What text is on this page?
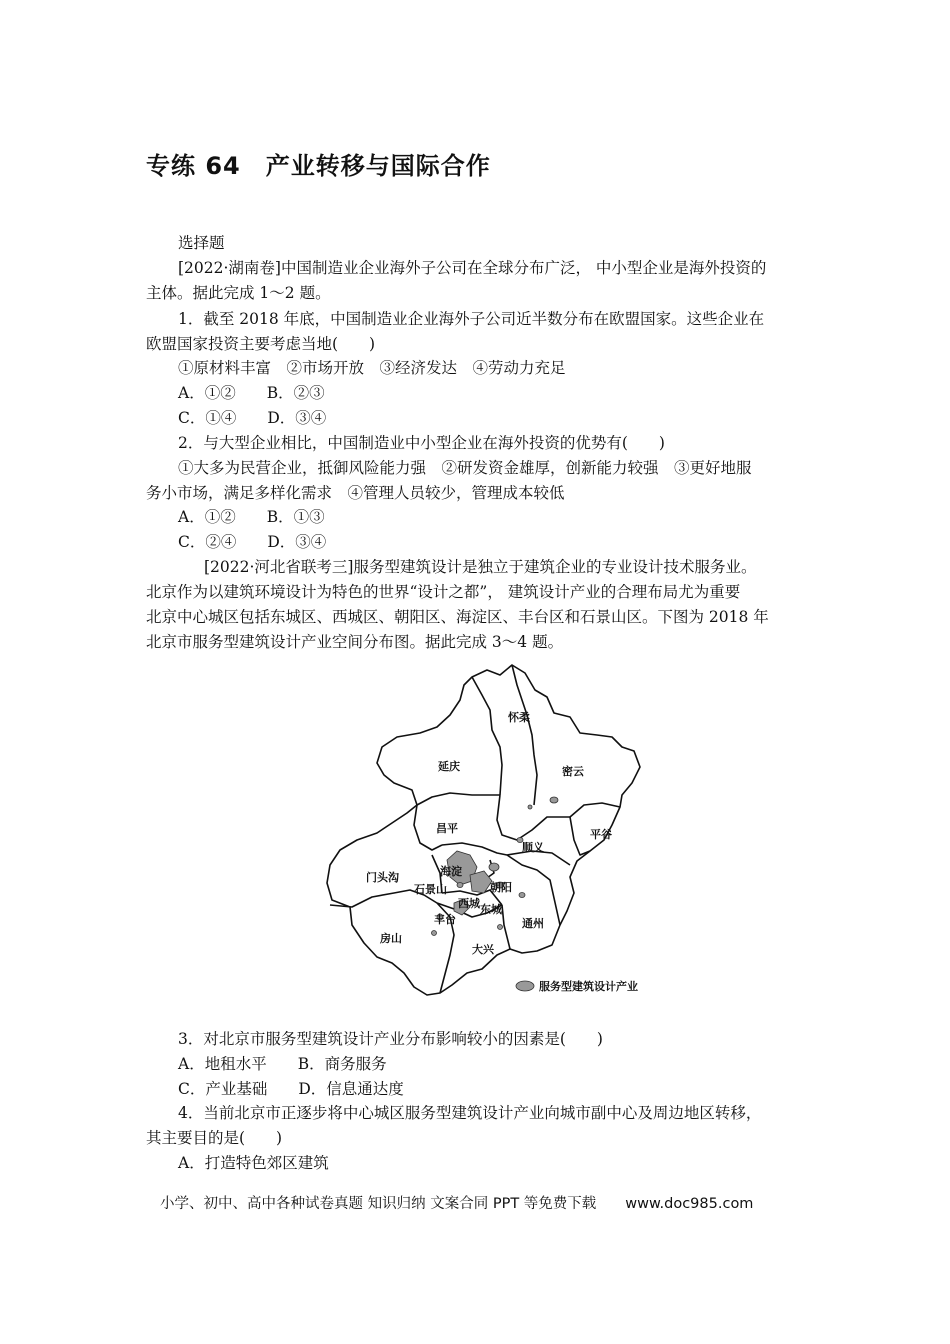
专练 64　产业转移与国际合作
选择题
[2022·湖南卷]中国制造业企业海外子公司在全球分布广泛， 中小型企业是海外投资的
主体。据此完成 1～2 题。
1．截至 2018 年底，中国制造业企业海外子公司近半数分布在欧盟国家。这些企业在
欧盟国家投资主要考虑当地(　　)
①原材料丰富　②市场开放　③经济发达　④劳动力充足
A．①②　　B．②③
C．①④　　D．③④
2．与大型企业相比，中国制造业中小型企业在海外投资的优势有(　　)
①大多为民营企业，抵御风险能力强　②研发资金雄厚，创新能力较强　③更好地服
务小市场，满足多样化需求　④管理人员较少，管理成本较低
A．①②　　B．①③
C．②④　　D．③④
[2022·河北省联考三]服务型建筑设计是独立于建筑企业的专业设计技术服务业。
北京作为以建筑环境设计为特色的世界“设计之都”， 建筑设计产业的合理布局尤为重要
北京中心城区包括东城区、西城区、朝阳区、海淀区、丰台区和石景山区。下图为 2018 年
北京市服务型建筑设计产业空间分布图。据此完成 3～4 题。
怀柔
延庆	密云
昌平	平谷
顺义
门头沟	海淀
石景山	朝阳
西城 东城
丰台	通州
房山
大兴
服务型建筑设计产业
3．对北京市服务型建筑设计产业分布影响较小的因素是(　　)
A．地租水平　　B．商务服务
C．产业基础　　D．信息通达度
4．当前北京市正逐步将中心城区服务型建筑设计产业向城市副中心及周边地区转移，
其主要目的是(　　)
A．打造特色郊区建筑
小学、初中、高中各种试卷真题 知识归纳 文案合同 PPT 等免费下载　　www.doc985.com
